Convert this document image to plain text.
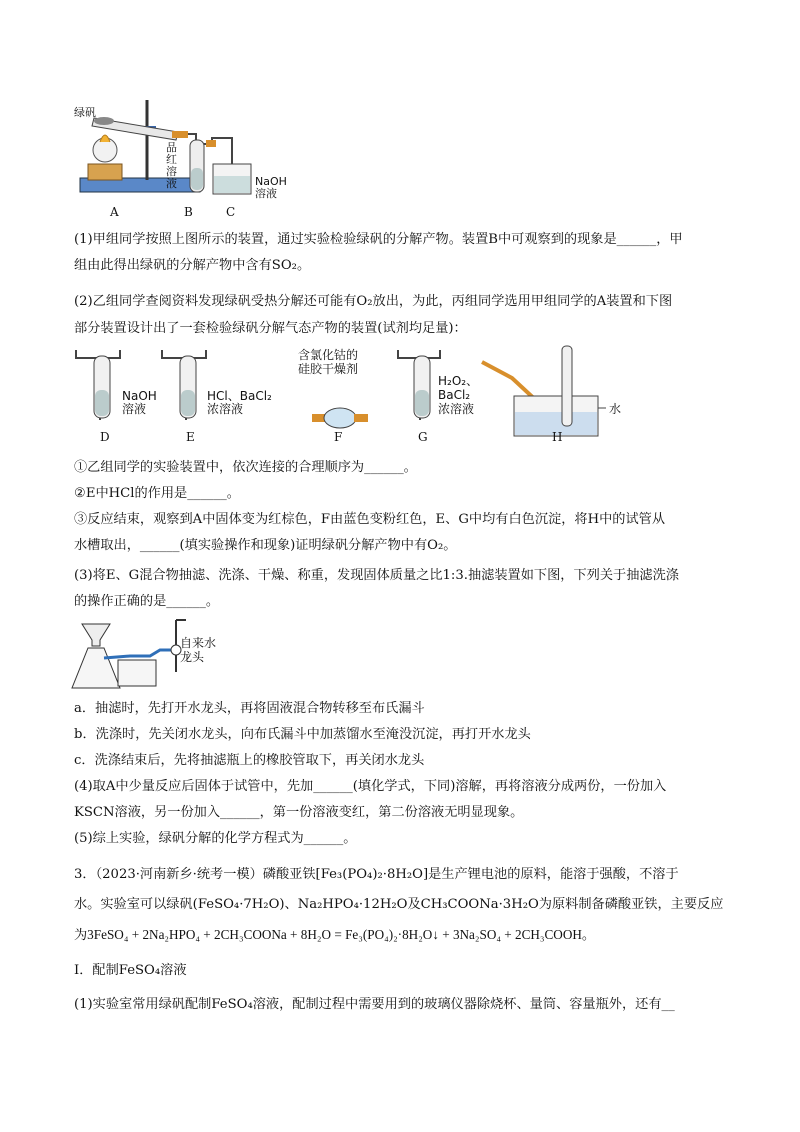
绿矾
品红溶液	NaOH
溶液
A	B	C
(1)甲组同学按照上图所示的装置，通过实验检验绿矾的分解产物。装置B中可观察到的现象是______，甲
组由此得出绿矾的分解产物中含有SO₂。
(2)乙组同学查阅资料发现绿矾受热分解还可能有O₂放出，为此，丙组同学选用甲组同学的A装置和下图
部分装置设计出了一套检验绿矾分解气态产物的装置(试剂均足量)：
NaOH
溶液
HCl、BaCl₂
浓溶液
含氯化钴的
硅胶干燥剂
H₂O₂、
BaCl₂
浓溶液	水
D	E	F	G	H
①乙组同学的实验装置中，依次连接的合理顺序为______。
②E中HCl的作用是______。
③反应结束，观察到A中固体变为红棕色，F由蓝色变粉红色，E、G中均有白色沉淀，将H中的试管从
水槽取出，______(填实验操作和现象)证明绿矾分解产物中有O₂。
(3)将E、G混合物抽滤、洗涤、干燥、称重，发现固体质量之比1:3.抽滤装置如下图，下列关于抽滤洗涤
的操作正确的是______。
自来水
龙头
a．抽滤时，先打开水龙头，再将固液混合物转移至布氏漏斗
b．洗涤时，先关闭水龙头，向布氏漏斗中加蒸馏水至淹没沉淀，再打开水龙头
c．洗涤结束后，先将抽滤瓶上的橡胶管取下，再关闭水龙头
(4)取A中少量反应后固体于试管中，先加______(填化学式，下同)溶解，再将溶液分成两份，一份加入
KSCN溶液，另一份加入______，第一份溶液变红，第二份溶液无明显现象。
(5)综上实验，绿矾分解的化学方程式为______。
3．（2023·河南新乡·统考一模）磷酸亚铁[Fe₃(PO₄)₂·8H₂O]是生产锂电池的原料，能溶于强酸，不溶于
水。实验室可以绿矾(FeSO₄·7H₂O)、Na₂HPO₄·12H₂O及CH₃COONa·3H₂O为原料制备磷酸亚铁，主要反应
为3FeSO₄ + 2Na₂HPO₄ + 2CH₃COONa + 8H₂O = Fe₃(PO₄)₂·8H₂O↓ + 3Na₂SO₄ + 2CH₃COOH。
I．配制FeSO₄溶液
(1)实验室常用绿矾配制FeSO₄溶液，配制过程中需要用到的玻璃仪器除烧杯、量筒、容量瓶外，还有__
